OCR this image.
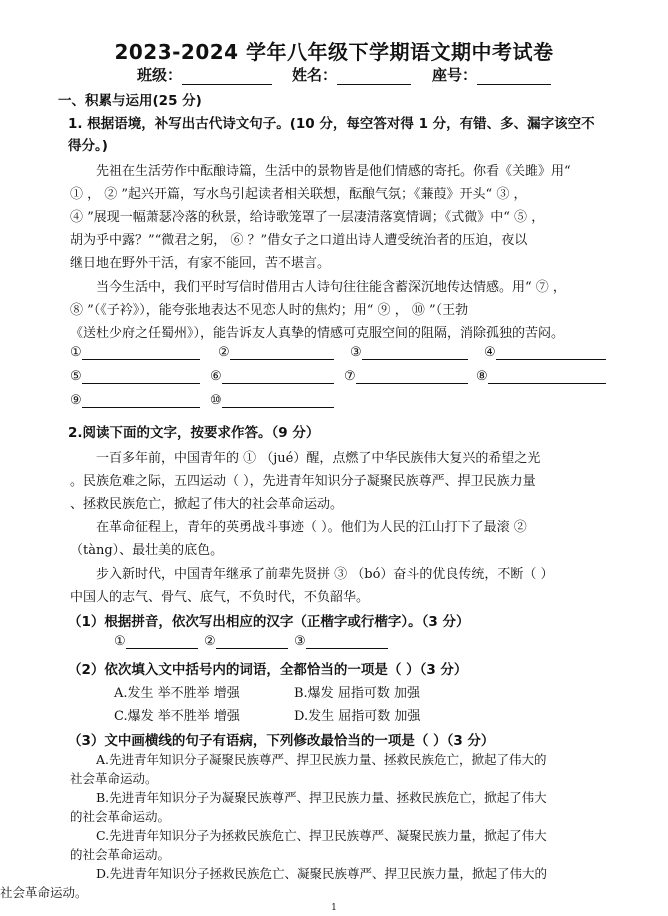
2023-2024 学年八年级下学期语文期中考试卷
班级：	姓名：	座号：
一、积累与运用(25 分)
1. 根据语境，补写出古代诗文句子。(10 分，每空答对得 1 分，有错、多、漏字该空不
得分。)
先祖在生活劳作中酝酿诗篇，生活中的景物皆是他们情感的寄托。你看《关雎》用“
① ， ② ”起兴开篇，写水鸟引起读者相关联想，酝酿气氛；《蒹葭》开头“ ③ ，
④ ”展现一幅萧瑟冷落的秋景，给诗歌笼罩了一层凄清落寞情调；《式微》中“ ⑤ ，
胡为乎中露？”“微君之躬， ⑥ ？”借女子之口道出诗人遭受统治者的压迫，夜以
继日地在野外干活，有家不能回，苦不堪言。
当今生活中，我们平时写信时借用古人诗句往往能含蓄深沉地传达情感。用“ ⑦ ，
⑧ ”（《子衿》），能夸张地表达不见恋人时的焦灼；用“ ⑨ ， ⑩ ”（王勃
《送杜少府之任蜀州》），能告诉友人真挚的情感可克服空间的阻隔，消除孤独的苦闷。
①	②	③	④
⑤	⑥	⑦	⑧
⑨	⑩
2.阅读下面的文字，按要求作答。（9 分）
一百多年前，中国青年的 ① （jué）醒，点燃了中华民族伟大复兴的希望之光
。民族危难之际，五四运动（ ），先进青年知识分子凝聚民族尊严、捍卫民族力量
、拯救民族危亡，掀起了伟大的社会革命运动。
在革命征程上，青年的英勇战斗事迹（ ）。他们为人民的江山打下了最滚 ②
（tàng）、最壮美的底色。
步入新时代，中国青年继承了前辈先贤拼 ③ （bó）奋斗的优良传统，不断（ ）
中国人的志气、骨气、底气，不负时代，不负韶华。
（1）根据拼音，依次写出相应的汉字（正楷字或行楷字）。（3 分）
①	②	③
（2）依次填入文中括号内的词语，全都恰当的一项是（ ）（3 分）
A.发生 举不胜举 增强	B.爆发 屈指可数 加强
C.爆发 举不胜举 增强	D.发生 屈指可数 加强
（3）文中画横线的句子有语病，下列修改最恰当的一项是（ ）（3 分）
A.先进青年知识分子凝聚民族尊严、捍卫民族力量、拯救民族危亡，掀起了伟大的
社会革命运动。
B.先进青年知识分子为凝聚民族尊严、捍卫民族力量、拯救民族危亡，掀起了伟大
的社会革命运动。
C.先进青年知识分子为拯救民族危亡、捍卫民族尊严、凝聚民族力量，掀起了伟大
的社会革命运动。
D.先进青年知识分子拯救民族危亡、凝聚民族尊严、捍卫民族力量，掀起了伟大的
1
社会革命运动。
